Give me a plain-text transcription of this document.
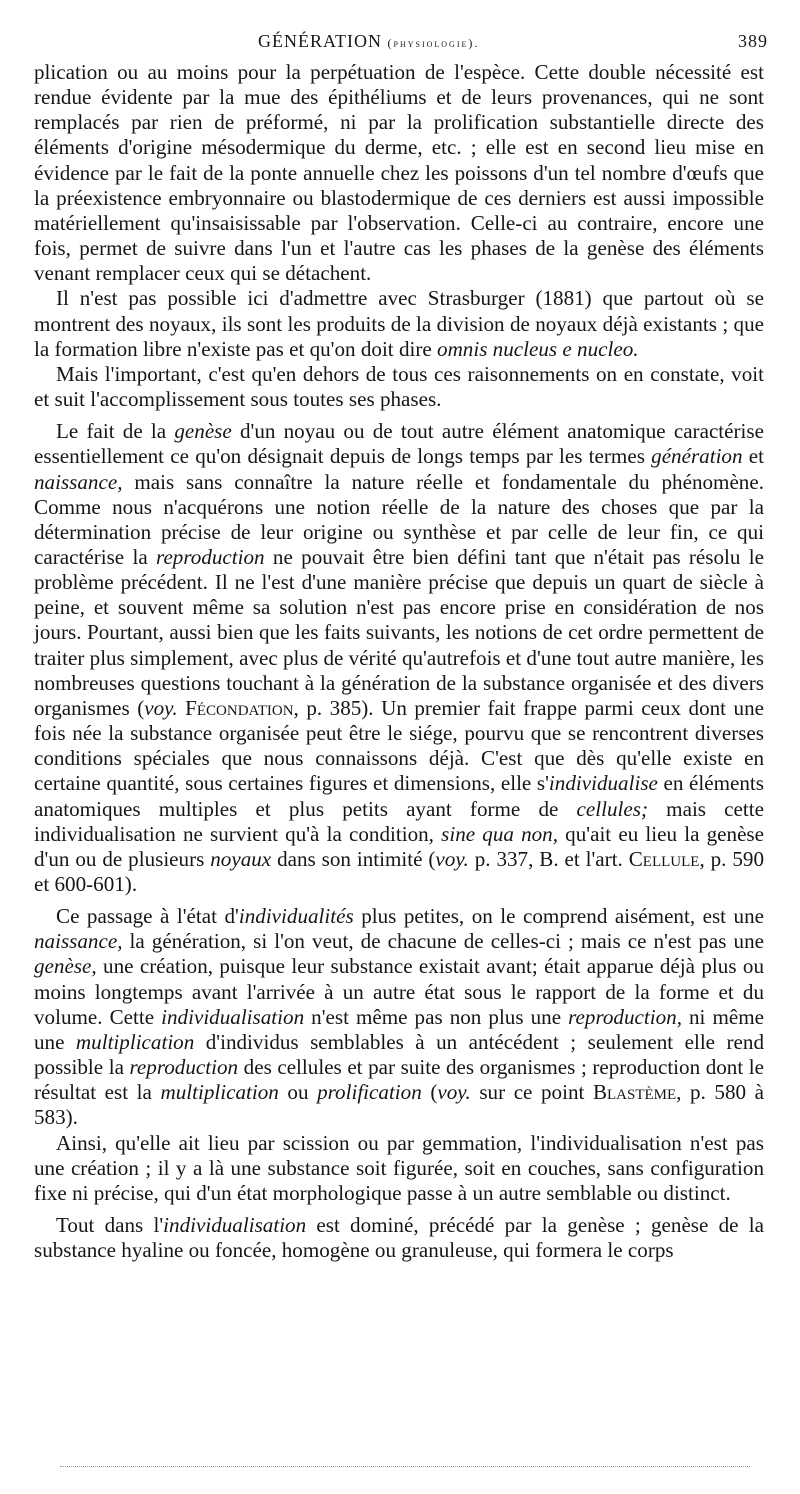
GÉNÉRATION (physiologie).	389

plication ou au moins pour la perpétuation de l'espèce. Cette double nécessité est rendue évidente par la mue des épithéliums et de leurs provenances, qui ne sont remplacés par rien de préformé, ni par la prolification substantielle directe des éléments d'origine mésodermique du derme, etc. ; elle est en second lieu mise en évidence par le fait de la ponte annuelle chez les poissons d'un tel nombre d'œufs que la préexistence embryonnaire ou blastodermique de ces derniers est aussi impossible matériellement qu'insaisissable par l'observation. Celle-ci au contraire, encore une fois, permet de suivre dans l'un et l'autre cas les phases de la genèse des éléments venant remplacer ceux qui se détachent.

Il n'est pas possible ici d'admettre avec Strasburger (1881) que partout où se montrent des noyaux, ils sont les produits de la division de noyaux déjà existants ; que la formation libre n'existe pas et qu'on doit dire omnis nucleus e nucleo.

Mais l'important, c'est qu'en dehors de tous ces raisonnements on en constate, voit et suit l'accomplissement sous toutes ses phases.

Le fait de la genèse d'un noyau ou de tout autre élément anatomique caractérise essentiellement ce qu'on désignait depuis de longs temps par les termes génération et naissance, mais sans connaître la nature réelle et fondamentale du phénomène. Comme nous n'acquérons une notion réelle de la nature des choses que par la détermination précise de leur origine ou synthèse et par celle de leur fin, ce qui caractérise la reproduction ne pouvait être bien défini tant que n'était pas résolu le problème précédent. Il ne l'est d'une manière précise que depuis un quart de siècle à peine, et souvent même sa solution n'est pas encore prise en considération de nos jours. Pourtant, aussi bien que les faits suivants, les notions de cet ordre permettent de traiter plus simplement, avec plus de vérité qu'autrefois et d'une tout autre manière, les nombreuses questions touchant à la génération de la substance organisée et des divers organismes (voy. Fécondation, p. 385). Un premier fait frappe parmi ceux dont une fois née la substance organisée peut être le siége, pourvu que se rencontrent diverses conditions spéciales que nous connaissons déjà. C'est que dès qu'elle existe en certaine quantité, sous certaines figures et dimensions, elle s'individualise en éléments anatomiques multiples et plus petits ayant forme de cellules; mais cette individualisation ne survient qu'à la condition, sine qua non, qu'ait eu lieu la genèse d'un ou de plusieurs noyaux dans son intimité (voy. p. 337, B. et l'art. Cellule, p. 590 et 600-601).

Ce passage à l'état d'individualités plus petites, on le comprend aisément, est une naissance, la génération, si l'on veut, de chacune de celles-ci ; mais ce n'est pas une genèse, une création, puisque leur substance existait avant; était apparue déjà plus ou moins longtemps avant l'arrivée à un autre état sous le rapport de la forme et du volume. Cette individualisation n'est même pas non plus une reproduction, ni même une multiplication d'individus semblables à un antécédent ; seulement elle rend possible la reproduction des cellules et par suite des organismes ; reproduction dont le résultat est la multiplication ou prolification (voy. sur ce point Blastème, p. 580 à 583).

Ainsi, qu'elle ait lieu par scission ou par gemmation, l'individualisation n'est pas une création ; il y a là une substance soit figurée, soit en couches, sans configuration fixe ni précise, qui d'un état morphologique passe à un autre semblable ou distinct.

Tout dans l'individualisation est dominé, précédé par la genèse ; genèse de la substance hyaline ou foncée, homogène ou granuleuse, qui formera le corps
